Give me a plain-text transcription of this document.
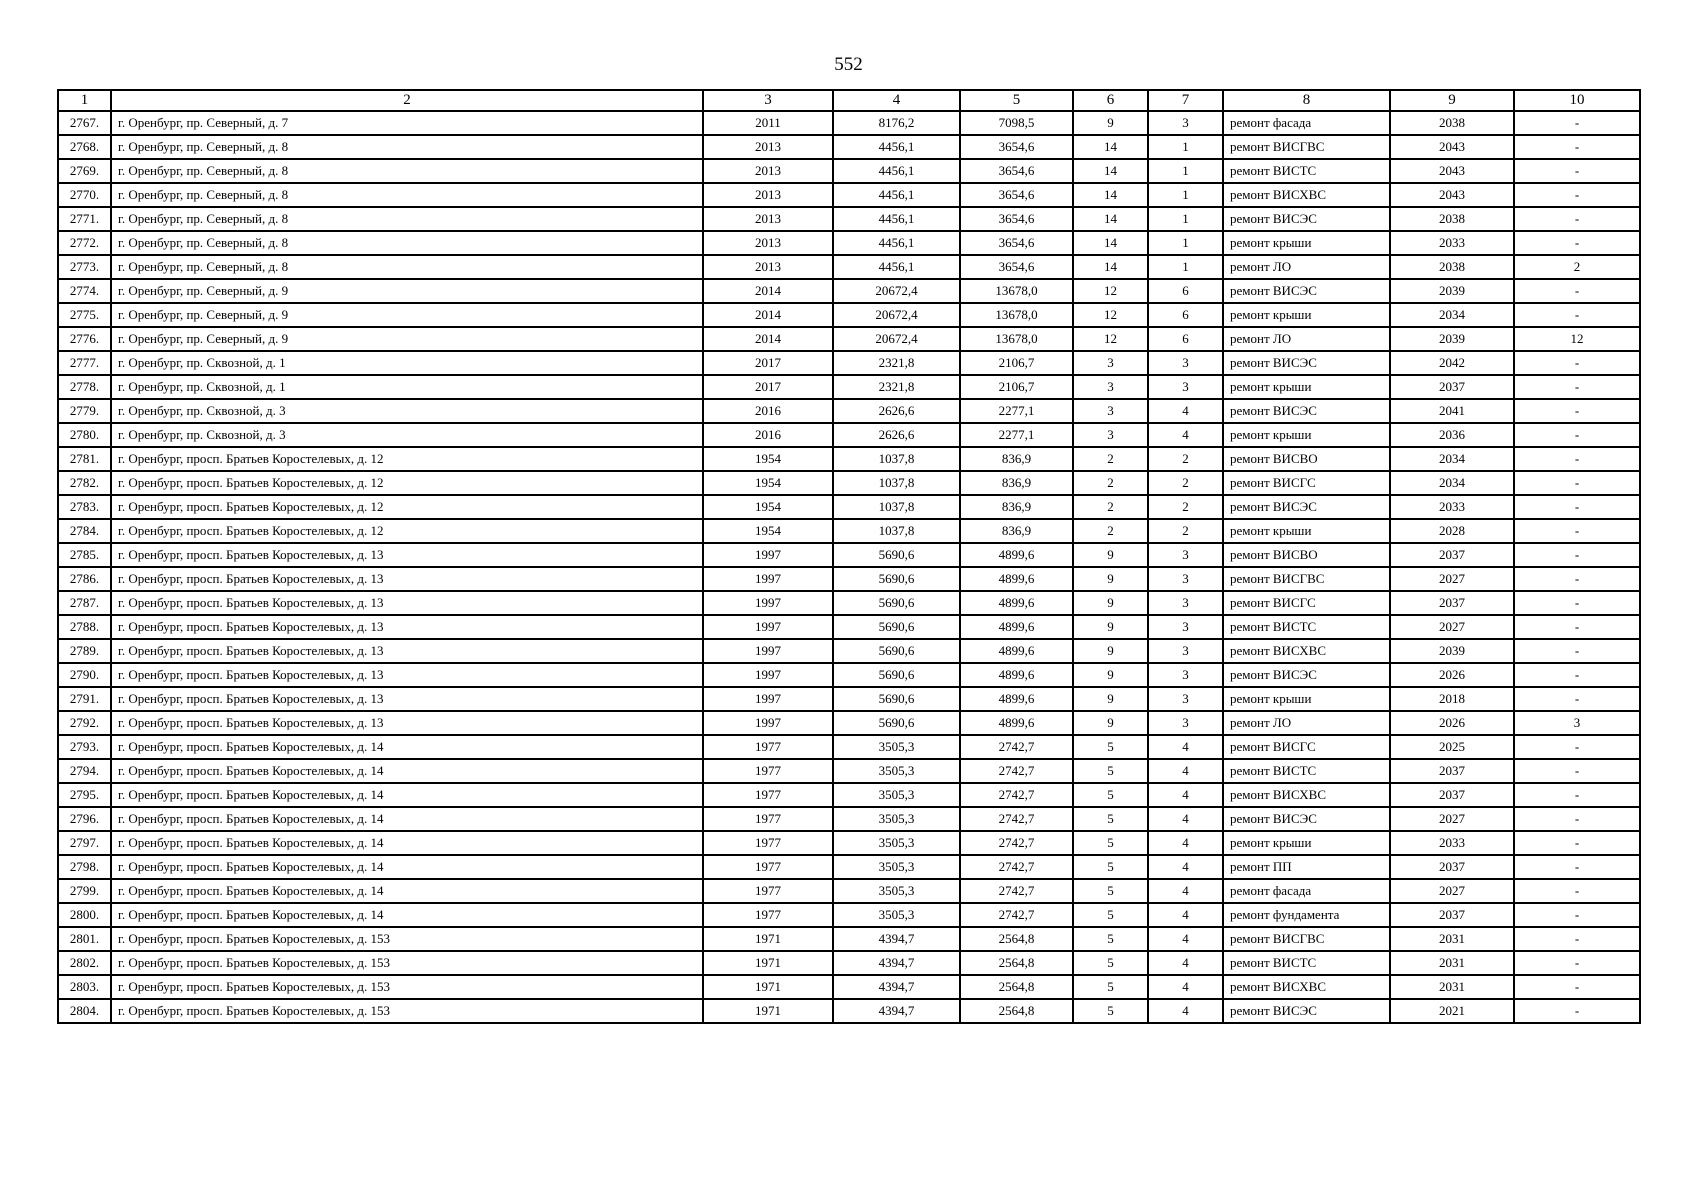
552
1	2	3	4	5	6	7	8	9	10
2767.	г. Оренбург, пр. Северный, д. 7	2011	8176,2	7098,5	9	3	ремонт фасада	2038	-
2768.	г. Оренбург, пр. Северный, д. 8	2013	4456,1	3654,6	14	1	ремонт ВИСГВС	2043	-
2769.	г. Оренбург, пр. Северный, д. 8	2013	4456,1	3654,6	14	1	ремонт ВИСТС	2043	-
2770.	г. Оренбург, пр. Северный, д. 8	2013	4456,1	3654,6	14	1	ремонт ВИСХВС	2043	-
2771.	г. Оренбург, пр. Северный, д. 8	2013	4456,1	3654,6	14	1	ремонт ВИСЭС	2038	-
2772.	г. Оренбург, пр. Северный, д. 8	2013	4456,1	3654,6	14	1	ремонт крыши	2033	-
2773.	г. Оренбург, пр. Северный, д. 8	2013	4456,1	3654,6	14	1	ремонт ЛО	2038	2
2774.	г. Оренбург, пр. Северный, д. 9	2014	20672,4	13678,0	12	6	ремонт ВИСЭС	2039	-
2775.	г. Оренбург, пр. Северный, д. 9	2014	20672,4	13678,0	12	6	ремонт крыши	2034	-
2776.	г. Оренбург, пр. Северный, д. 9	2014	20672,4	13678,0	12	6	ремонт ЛО	2039	12
2777.	г. Оренбург, пр. Сквозной, д. 1	2017	2321,8	2106,7	3	3	ремонт ВИСЭС	2042	-
2778.	г. Оренбург, пр. Сквозной, д. 1	2017	2321,8	2106,7	3	3	ремонт крыши	2037	-
2779.	г. Оренбург, пр. Сквозной, д. 3	2016	2626,6	2277,1	3	4	ремонт ВИСЭС	2041	-
2780.	г. Оренбург, пр. Сквозной, д. 3	2016	2626,6	2277,1	3	4	ремонт крыши	2036	-
2781.	г. Оренбург, просп. Братьев Коростелевых, д. 12	1954	1037,8	836,9	2	2	ремонт ВИСВО	2034	-
2782.	г. Оренбург, просп. Братьев Коростелевых, д. 12	1954	1037,8	836,9	2	2	ремонт ВИСГС	2034	-
2783.	г. Оренбург, просп. Братьев Коростелевых, д. 12	1954	1037,8	836,9	2	2	ремонт ВИСЭС	2033	-
2784.	г. Оренбург, просп. Братьев Коростелевых, д. 12	1954	1037,8	836,9	2	2	ремонт крыши	2028	-
2785.	г. Оренбург, просп. Братьев Коростелевых, д. 13	1997	5690,6	4899,6	9	3	ремонт ВИСВО	2037	-
2786.	г. Оренбург, просп. Братьев Коростелевых, д. 13	1997	5690,6	4899,6	9	3	ремонт ВИСГВС	2027	-
2787.	г. Оренбург, просп. Братьев Коростелевых, д. 13	1997	5690,6	4899,6	9	3	ремонт ВИСГС	2037	-
2788.	г. Оренбург, просп. Братьев Коростелевых, д. 13	1997	5690,6	4899,6	9	3	ремонт ВИСТС	2027	-
2789.	г. Оренбург, просп. Братьев Коростелевых, д. 13	1997	5690,6	4899,6	9	3	ремонт ВИСХВС	2039	-
2790.	г. Оренбург, просп. Братьев Коростелевых, д. 13	1997	5690,6	4899,6	9	3	ремонт ВИСЭС	2026	-
2791.	г. Оренбург, просп. Братьев Коростелевых, д. 13	1997	5690,6	4899,6	9	3	ремонт крыши	2018	-
2792.	г. Оренбург, просп. Братьев Коростелевых, д. 13	1997	5690,6	4899,6	9	3	ремонт ЛО	2026	3
2793.	г. Оренбург, просп. Братьев Коростелевых, д. 14	1977	3505,3	2742,7	5	4	ремонт ВИСГС	2025	-
2794.	г. Оренбург, просп. Братьев Коростелевых, д. 14	1977	3505,3	2742,7	5	4	ремонт ВИСТС	2037	-
2795.	г. Оренбург, просп. Братьев Коростелевых, д. 14	1977	3505,3	2742,7	5	4	ремонт ВИСХВС	2037	-
2796.	г. Оренбург, просп. Братьев Коростелевых, д. 14	1977	3505,3	2742,7	5	4	ремонт ВИСЭС	2027	-
2797.	г. Оренбург, просп. Братьев Коростелевых, д. 14	1977	3505,3	2742,7	5	4	ремонт крыши	2033	-
2798.	г. Оренбург, просп. Братьев Коростелевых, д. 14	1977	3505,3	2742,7	5	4	ремонт ПП	2037	-
2799.	г. Оренбург, просп. Братьев Коростелевых, д. 14	1977	3505,3	2742,7	5	4	ремонт фасада	2027	-
2800.	г. Оренбург, просп. Братьев Коростелевых, д. 14	1977	3505,3	2742,7	5	4	ремонт фундамента	2037	-
2801.	г. Оренбург, просп. Братьев Коростелевых, д. 153	1971	4394,7	2564,8	5	4	ремонт ВИСГВС	2031	-
2802.	г. Оренбург, просп. Братьев Коростелевых, д. 153	1971	4394,7	2564,8	5	4	ремонт ВИСТС	2031	-
2803.	г. Оренбург, просп. Братьев Коростелевых, д. 153	1971	4394,7	2564,8	5	4	ремонт ВИСХВС	2031	-
2804.	г. Оренбург, просп. Братьев Коростелевых, д. 153	1971	4394,7	2564,8	5	4	ремонт ВИСЭС	2021	-
